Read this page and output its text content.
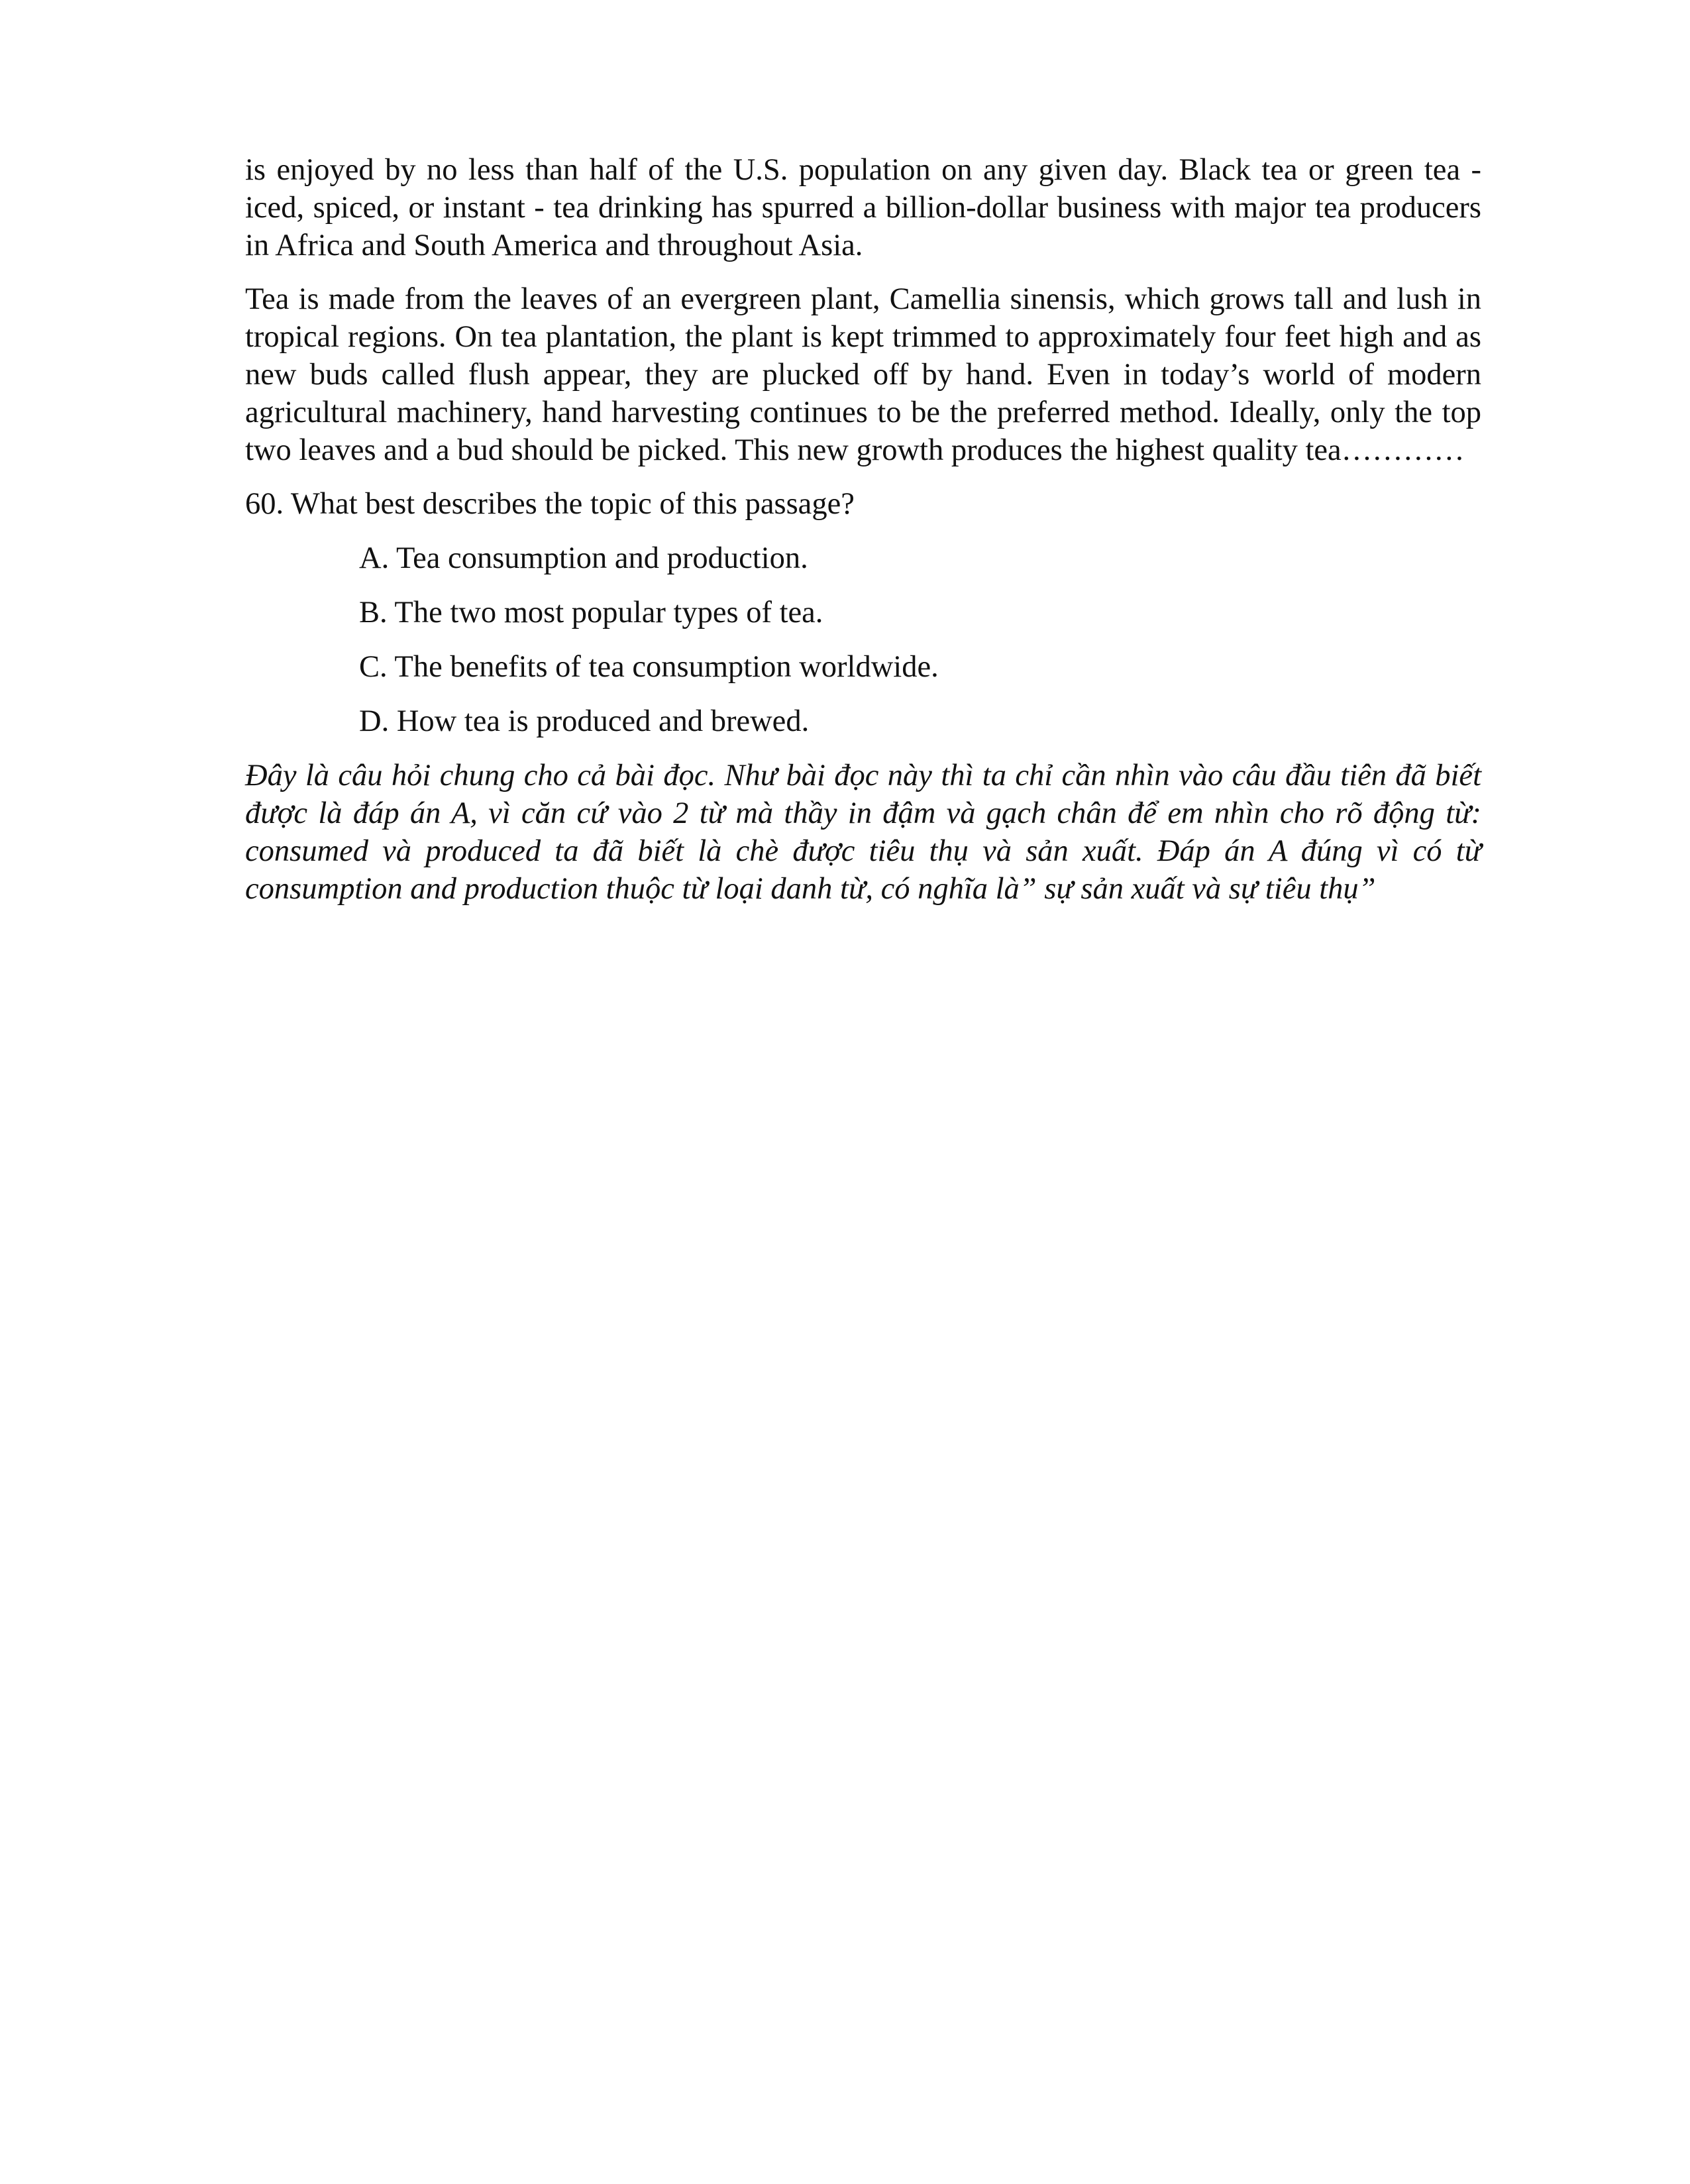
is enjoyed by no less than half of the U.S. population on any given day. Black tea or green tea - iced, spiced, or instant - tea drinking has spurred a billion-dollar business with major tea producers in Africa and South America and throughout Asia.

Tea is made from the leaves of an evergreen plant, Camellia sinensis, which grows tall and lush in tropical regions. On tea plantation, the plant is kept trimmed to approximately four feet high and as new buds called flush appear, they are plucked off by hand. Even in today’s world of modern agricultural machinery, hand harvesting continues to be the preferred method. Ideally, only the top two leaves and a bud should be picked. This new growth produces the highest quality tea…………

60. What best describes the topic of this passage?

A. Tea consumption and production.

B. The two most popular types of tea.

C. The benefits of tea consumption worldwide.

D. How tea is produced and brewed.

Đây là câu hỏi chung cho cả bài đọc. Như bài đọc này thì ta chỉ cần nhìn vào câu đầu tiên đã biết được là đáp án A, vì căn cứ vào 2 từ mà thầy in đậm và gạch chân để em nhìn cho rõ động từ: consumed và produced ta đã biết là chè được tiêu thụ và sản xuất. Đáp án A đúng vì có từ consumption and production thuộc từ loại danh từ, có nghĩa là” sự sản xuất và sự tiêu thụ”
